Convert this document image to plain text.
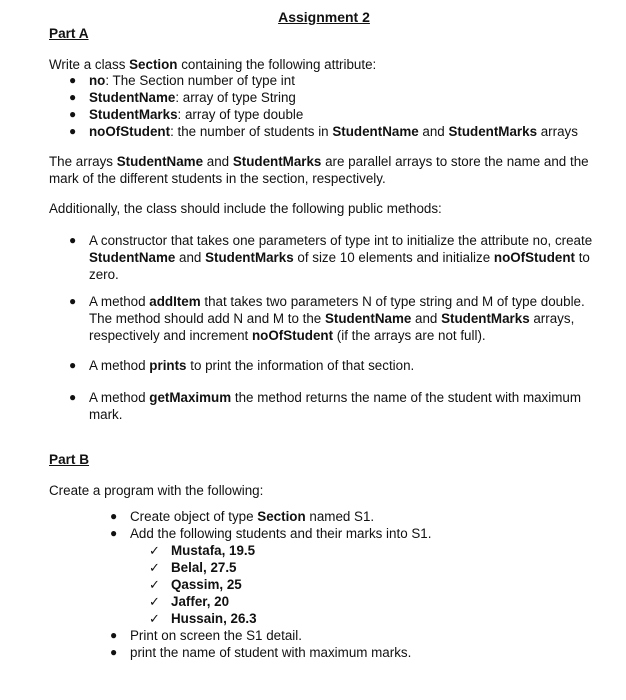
Assignment 2
Part A
Write a class Section containing the following attribute:
● no: The Section number of type int
● StudentName: array of type String
● StudentMarks: array of type double
● noOfStudent: the number of students in StudentName and StudentMarks arrays
The arrays StudentName and StudentMarks are parallel arrays to store the name and the mark of the different students in the section, respectively.
Additionally, the class should include the following public methods:
● A constructor that takes one parameters of type int to initialize the attribute no, create StudentName and StudentMarks of size 10 elements and initialize noOfStudent to zero.
● A method addItem that takes two parameters N of type string and M of type double. The method should add N and M to the StudentName and StudentMarks arrays, respectively and increment noOfStudent (if the arrays are not full).
● A method prints to print the information of that section.
● A method getMaximum the method returns the name of the student with maximum mark.
Part B
Create a program with the following:
● Create object of type Section named S1.
● Add the following students and their marks into S1.
✓ Mustafa, 19.5
✓ Belal, 27.5
✓ Qassim, 25
✓ Jaffer, 20
✓ Hussain, 26.3
● Print on screen the S1 detail.
● print the name of student with maximum marks.
